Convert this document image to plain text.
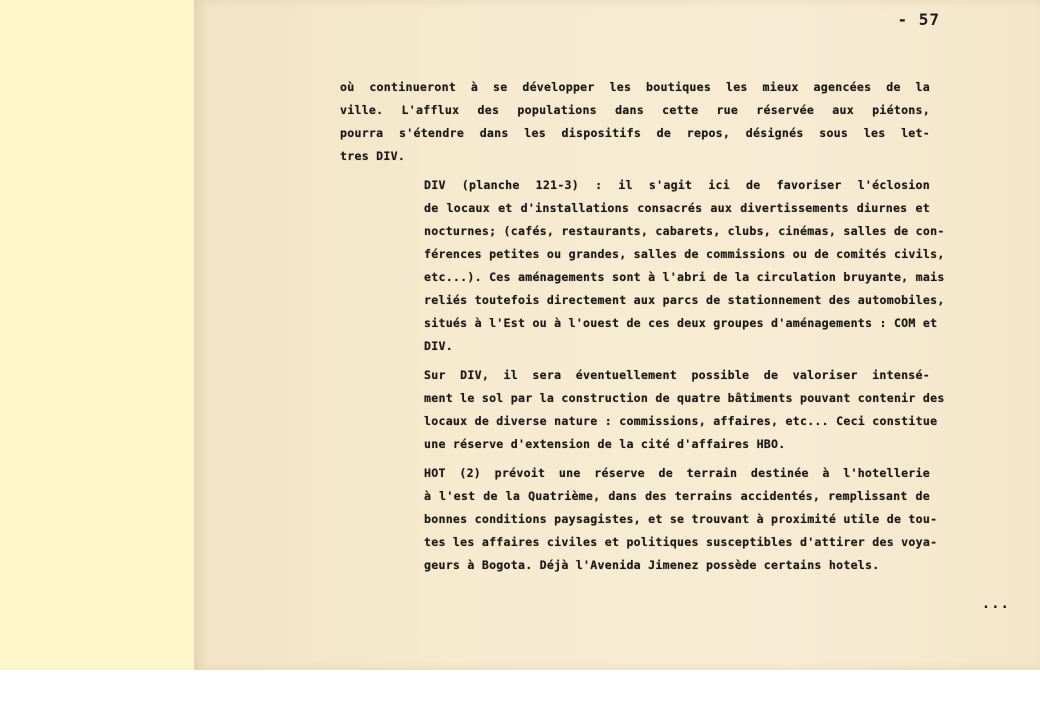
- 57

où continueront à se développer les boutiques les mieux agencées de la
ville. L'afflux des populations dans cette rue réservée aux piétons,
pourra s'étendre dans les dispositifs de repos, désignés sous les let-
tres DIV.

DIV (planche 121-3) : il s'agit ici de favoriser l'éclosion
de locaux et d'installations consacrés aux divertissements diurnes et
nocturnes; (cafés, restaurants, cabarets, clubs, cinémas, salles de con-
férences petites ou grandes, salles de commissions ou de comités civils,
etc...). Ces aménagements sont à l'abri de la circulation bruyante, mais
reliés toutefois directement aux parcs de stationnement des automobiles,
situés à l'Est ou à l'ouest de ces deux groupes d'aménagements : COM et
DIV.

Sur DIV, il sera éventuellement possible de valoriser intensé-
ment le sol par la construction de quatre bâtiments pouvant contenir des
locaux de diverse nature : commissions, affaires, etc... Ceci constitue
une réserve d'extension de la cité d'affaires HBO.

HOT (2) prévoit une réserve de terrain destinée à l'hotellerie
à l'est de la Quatrième, dans des terrains accidentés, remplissant de
bonnes conditions paysagistes, et se trouvant à proximité utile de tou-
tes les affaires civiles et politiques susceptibles d'attirer des voya-
geurs à Bogota. Déjà l'Avenida Jimenez possède certains hotels.

...
